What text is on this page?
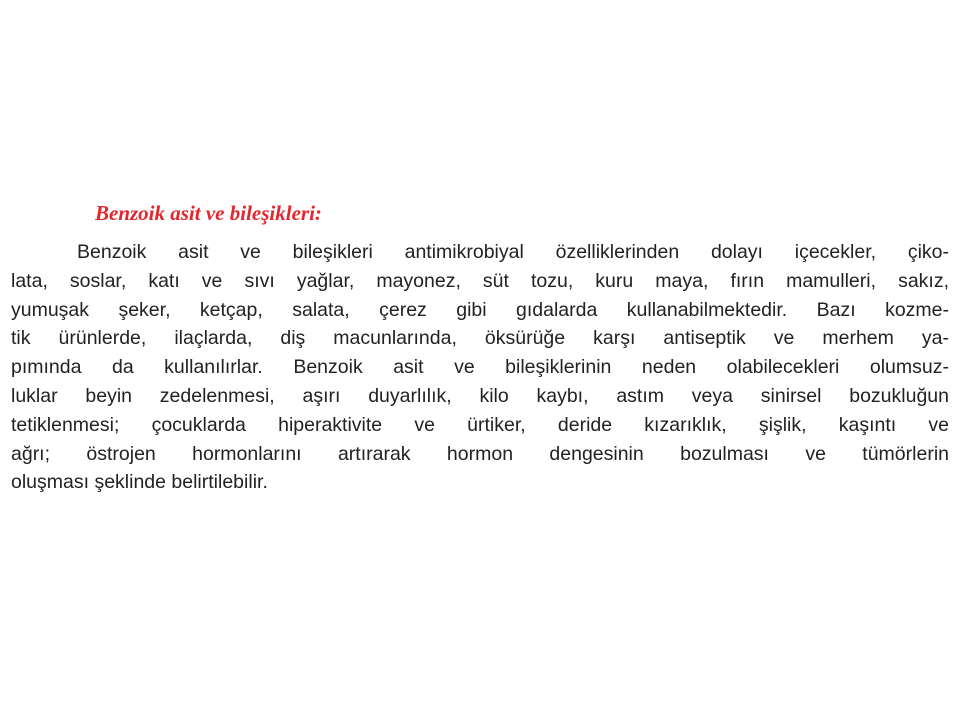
Benzoik asit ve bileşikleri:
Benzoik asit ve bileşikleri antimikrobiyal özelliklerinden dolayı içecekler, çiko-
lata, soslar, katı ve sıvı yağlar, mayonez, süt tozu, kuru maya, fırın mamulleri, sakız,
yumuşak şeker, ketçap, salata, çerez gibi gıdalarda kullanabilmektedir. Bazı kozme-
tik ürünlerde, ilaçlarda, diş macunlarında, öksürüğe karşı antiseptik ve merhem ya-
pımında da kullanılırlar. Benzoik asit ve bileşiklerinin neden olabilecekleri olumsuz-
luklar beyin zedelenmesi, aşırı duyarlılık, kilo kaybı, astım veya sinirsel bozukluğun
tetiklenmesi; çocuklarda hiperaktivite ve ürtiker, deride kızarıklık, şişlik, kaşıntı ve
ağrı; östrojen hormonlarını artırarak hormon dengesinin bozulması ve tümörlerin
oluşması şeklinde belirtilebilir.
